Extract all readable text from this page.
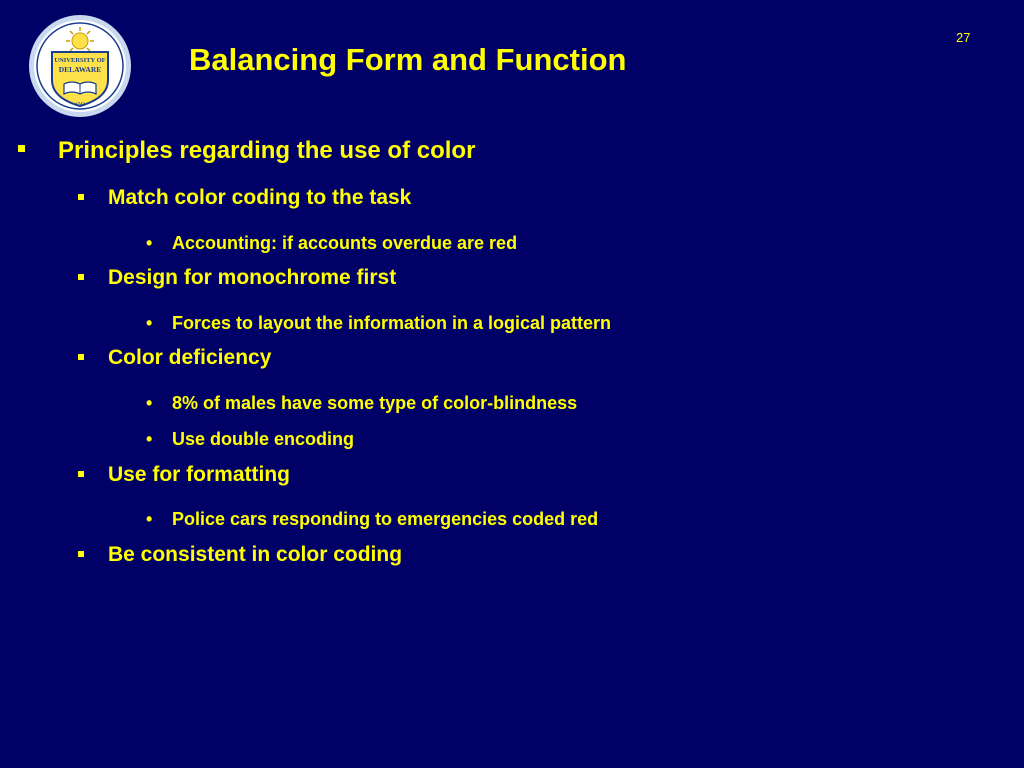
UNIVERSITY OF
DELAWARE
1743
Balancing Form and Function
27
Principles regarding the use of color
Match color coding to the task
• Accounting: if accounts overdue are red
Design for monochrome first
• Forces to layout the information in a logical pattern
Color deficiency
• 8% of males have some type of color-blindness
• Use double encoding
Use for formatting
• Police cars responding to emergencies coded red
Be consistent in color coding
